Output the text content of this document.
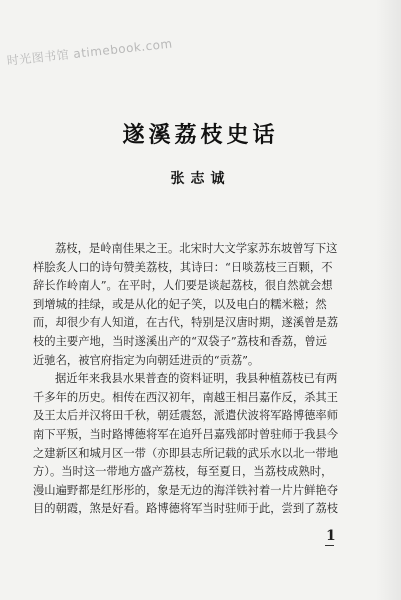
时光图书馆 atimebook.com
遂溪荔枝史话
张志诚
荔枝，是岭南佳果之王。北宋时大文学家苏东坡曾写下这
样脍炙人口的诗句赞美荔枝，其诗曰：“日啖荔枝三百颗，不
辞长作岭南人”。在平时，人们要是谈起荔枝，很自然就会想
到增城的挂绿，或是从化的妃子笑，以及电白的糯米糍；然
而，却很少有人知道，在古代，特别是汉唐时期，遂溪曾是荔
枝的主要产地，当时遂溪出产的“双袋子”荔枝和香荔，曾远
近驰名，被官府指定为向朝廷进贡的“贡荔”。
据近年来我县水果普查的资料证明，我县种植荔枝已有两
千多年的历史。相传在西汉初年，南越王相吕嘉作反，杀其王
及王太后并汉将田千秋，朝廷震怒，派遣伏波将军路博德率师
南下平叛，当时路博德将军在追歼吕嘉残部时曾驻师于我县今
之建新区和城月区一带（亦即县志所记载的武乐水以北一带地
方）。当时这一带地方盛产荔枝，每至夏日，当荔枝成熟时，
漫山遍野都是红彤彤的，象是无边的海洋铁衬着一片片鲜艳夺
目的朝霞，煞是好看。路博德将军当时驻师于此，尝到了荔枝
1
